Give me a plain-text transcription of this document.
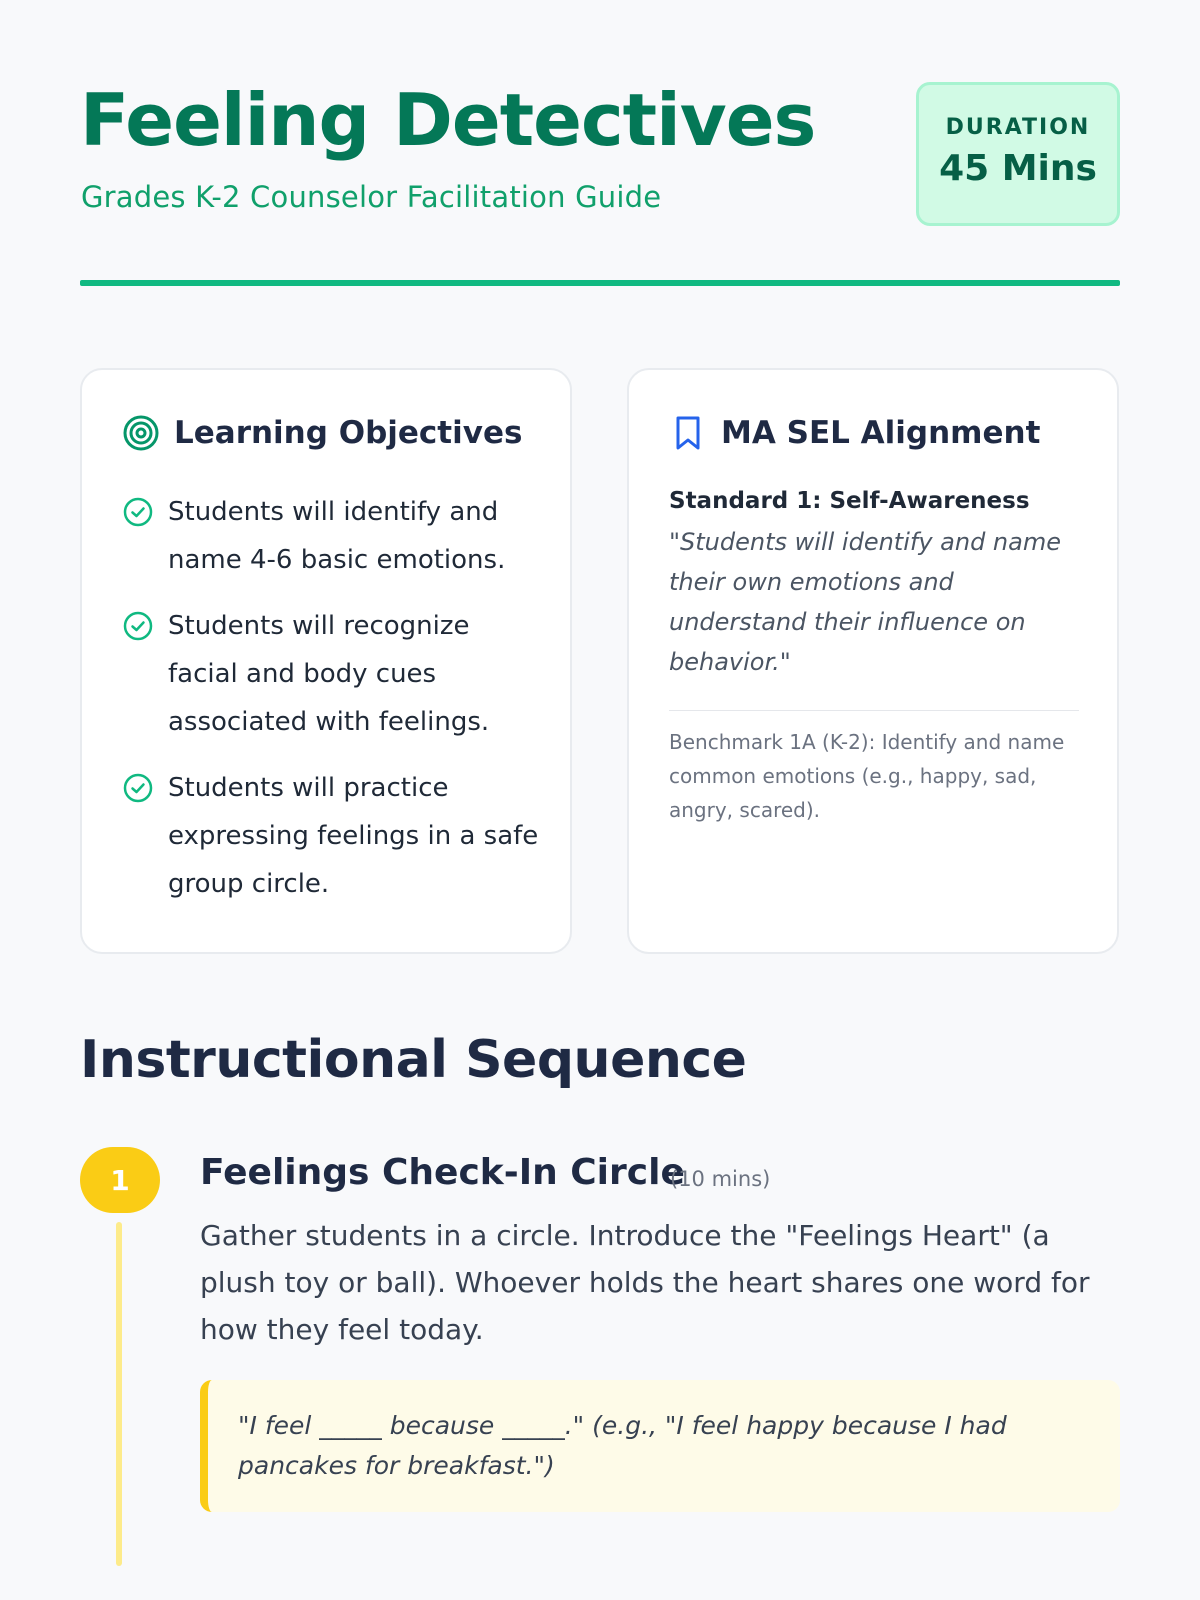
Feeling Detectives
Grades K-2 Counselor Facilitation Guide
DURATION
45 Mins
Learning Objectives
Students will identify and name 4-6 basic emotions.
Students will recognize facial and body cues associated with feelings.
Students will practice expressing feelings in a safe group circle.
MA SEL Alignment
Standard 1: Self-Awareness
"Students will identify and name their own emotions and understand their influence on behavior."
Benchmark 1A (K-2): Identify and name common emotions (e.g., happy, sad, angry, scared).
Instructional Sequence
1	Feelings Check-In Circle
(10 mins)
Gather students in a circle. Introduce the "Feelings Heart" (a plush toy or ball). Whoever holds the heart shares one word for how they feel today.

"I feel _____ because _____." (e.g., "I feel happy because I had pancakes for breakfast.")
